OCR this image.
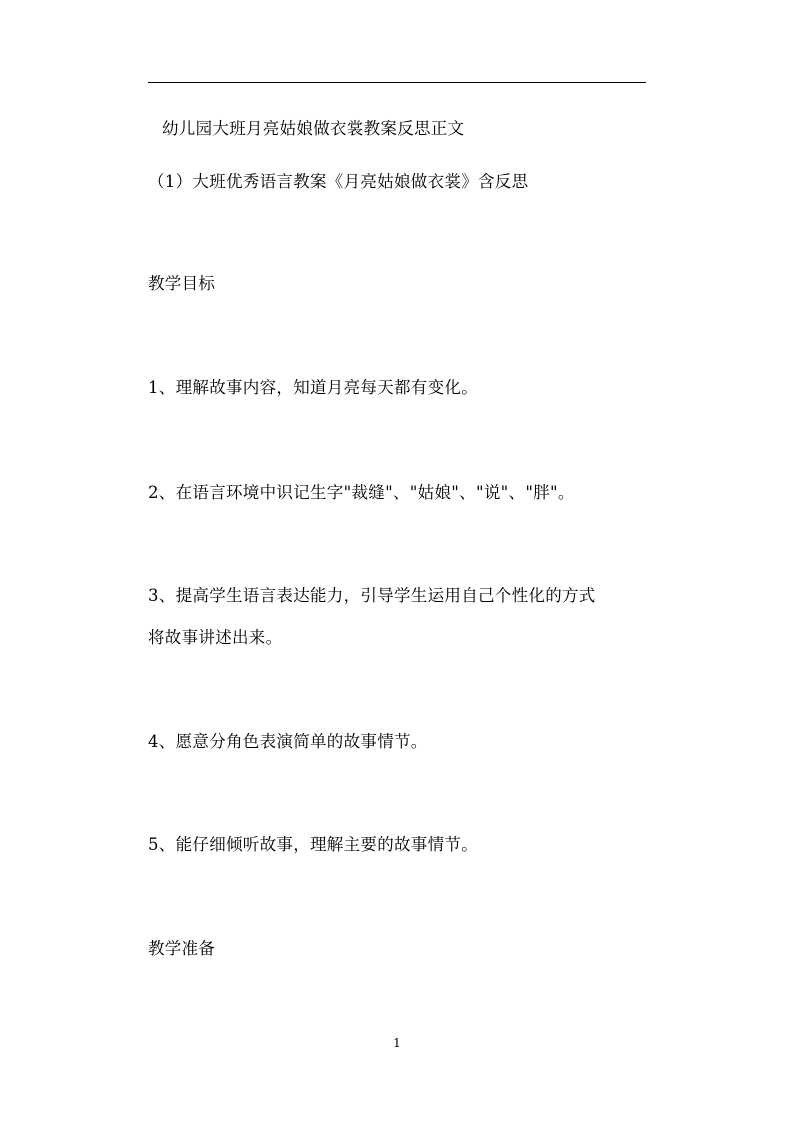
幼儿园大班月亮姑娘做衣裳教案反思正文
（1）大班优秀语言教案《月亮姑娘做衣裳》含反思
教学目标
1、理解故事内容，知道月亮每天都有变化。
2、在语言环境中识记生字"裁缝"、"姑娘"、"说"、"胖"。
3、提高学生语言表达能力，引导学生运用自己个性化的方式
将故事讲述出来。
4、愿意分角色表演简单的故事情节。
5、能仔细倾听故事，理解主要的故事情节。
教学准备
1
